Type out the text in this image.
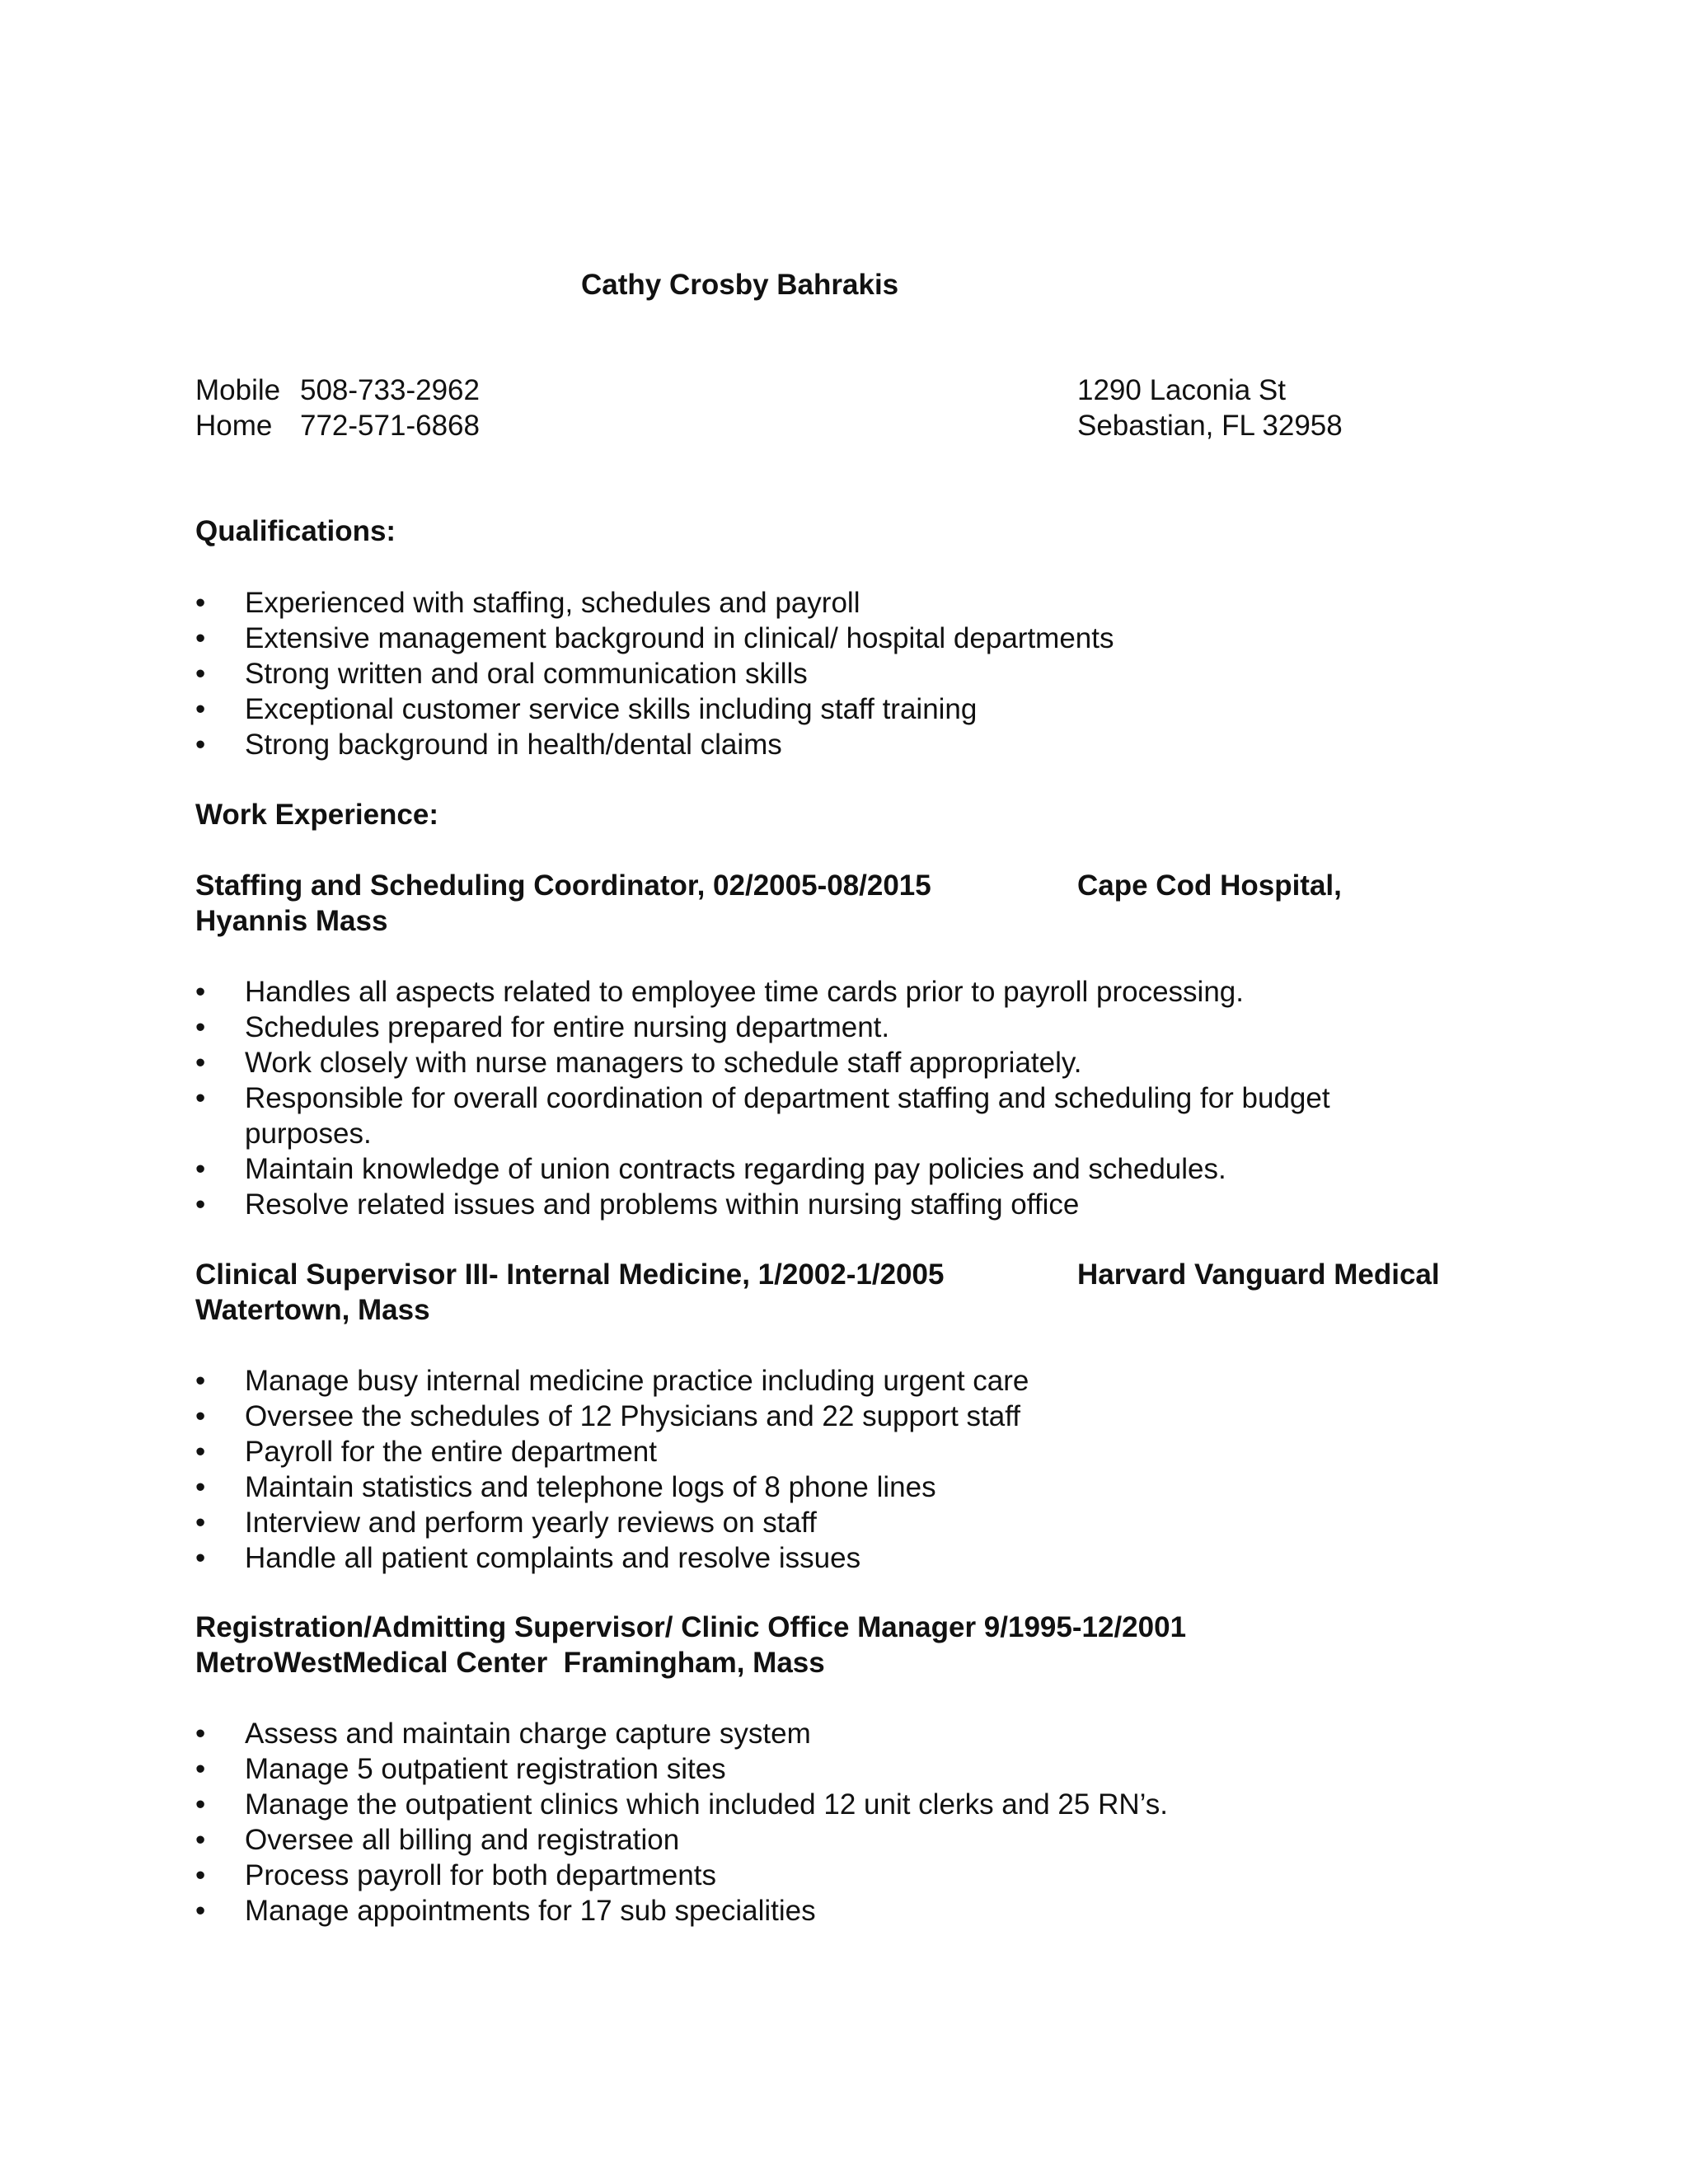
Cathy Crosby Bahrakis
Mobile 508-733-2962
Home 772-571-6868
1290 Laconia St
Sebastian, FL 32958
Qualifications:
• Experienced with staffing, schedules and payroll
• Extensive management background in clinical/ hospital departments
• Strong written and oral communication skills
• Exceptional customer service skills including staff training
• Strong background in health/dental claims
Work Experience:
Staffing and Scheduling Coordinator, 02/2005-08/2015	Cape Cod Hospital,
Hyannis Mass
• Handles all aspects related to employee time cards prior to payroll processing.
• Schedules prepared for entire nursing department.
• Work closely with nurse managers to schedule staff appropriately.
• Responsible for overall coordination of department staffing and scheduling for budget
purposes.
• Maintain knowledge of union contracts regarding pay policies and schedules.
• Resolve related issues and problems within nursing staffing office
Clinical Supervisor III- Internal Medicine, 1/2002-1/2005	Harvard Vanguard Medical
Watertown, Mass
• Manage busy internal medicine practice including urgent care
• Oversee the schedules of 12 Physicians and 22 support staff
• Payroll for the entire department
• Maintain statistics and telephone logs of 8 phone lines
• Interview and perform yearly reviews on staff
• Handle all patient complaints and resolve issues
Registration/Admitting Supervisor/ Clinic Office Manager 9/1995-12/2001
MetroWestMedical Center  Framingham, Mass
• Assess and maintain charge capture system
• Manage 5 outpatient registration sites
• Manage the outpatient clinics which included 12 unit clerks and 25 RN’s.
• Oversee all billing and registration
• Process payroll for both departments
• Manage appointments for 17 sub specialities
